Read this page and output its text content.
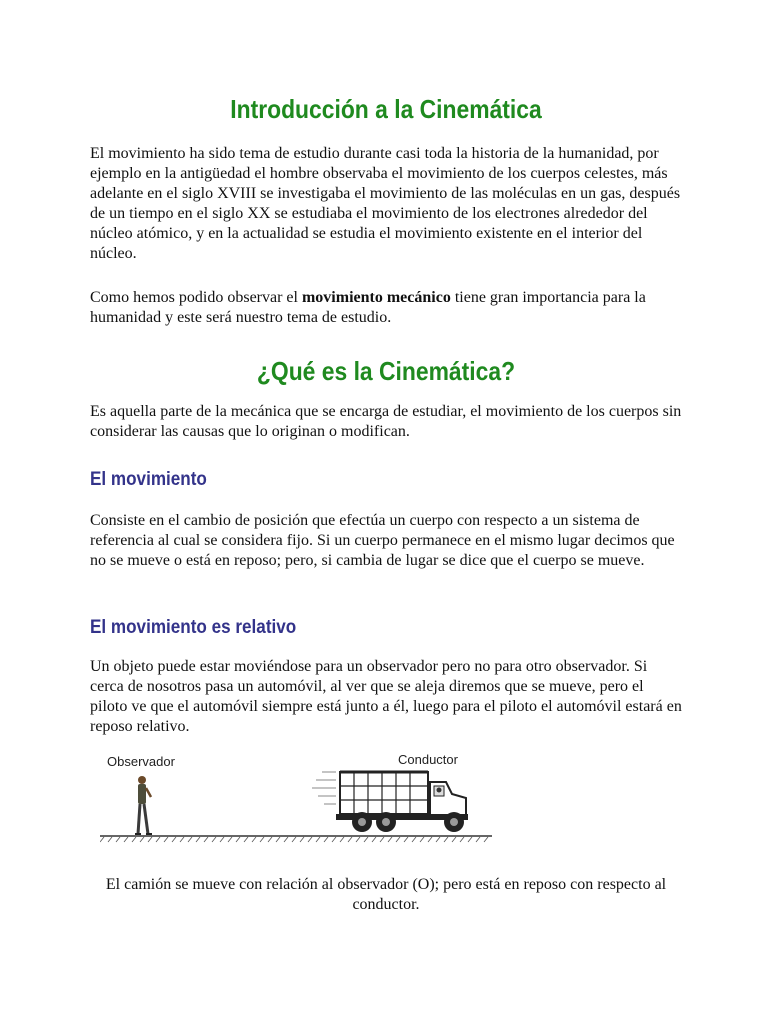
Introducción a la Cinemática

El movimiento ha sido tema de estudio durante casi toda la historia de la humanidad, por ejemplo en la antigüedad el hombre observaba el movimiento de los cuerpos celestes, más adelante en el siglo XVIII se investigaba el movimiento de las moléculas en un gas, después de un tiempo en el siglo XX se estudiaba el movimiento de los electrones alrededor del núcleo atómico, y en la actualidad se estudia el movimiento existente en el interior del núcleo.

Como hemos podido observar el movimiento mecánico tiene gran importancia para la humanidad y este será nuestro tema de estudio.

¿Qué es la Cinemática?

Es aquella parte de la mecánica que se encarga de estudiar, el movimiento de los cuerpos sin considerar las causas que lo originan o modifican.

El movimiento

Consiste en el cambio de posición que efectúa un cuerpo con respecto a un sistema de referencia al cual se considera fijo. Si un cuerpo permanece en el mismo lugar decimos que no se mueve o está en reposo; pero, si cambia de lugar se dice que el cuerpo se mueve.

El movimiento es relativo

Un objeto puede estar moviéndose para un observador pero no para otro observador. Si cerca de nosotros pasa un automóvil, al ver que se aleja diremos que se mueve, pero el piloto ve que el automóvil siempre está junto a él, luego para el piloto el automóvil estará en reposo relativo.

El camión se mueve con relación al observador (O); pero está en reposo con respecto al conductor.

Observador	Conductor
